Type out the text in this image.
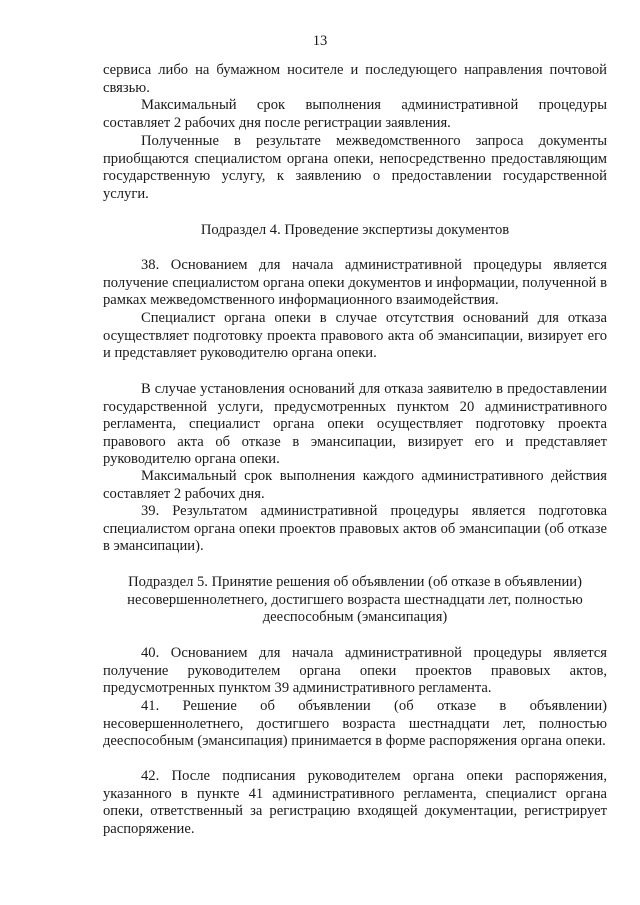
13

сервиса либо на бумажном носителе и последующего направления почтовой связью.

Максимальный срок выполнения административной процедуры составляет 2 рабочих дня после регистрации заявления.

Полученные в результате межведомственного запроса документы приобщаются специалистом органа опеки, непосредственно предоставляющим государственную услугу, к заявлению о предоставлении государственной услуги.

Подраздел 4. Проведение экспертизы документов

38. Основанием для начала административной процедуры является получение специалистом органа опеки документов и информации, полученной в рамках межведомственного информационного взаимодействия.

Специалист органа опеки в случае отсутствия оснований для отказа осуществляет подготовку проекта правового акта об эмансипации, визирует его и представляет руководителю органа опеки.

В случае установления оснований для отказа заявителю в предоставлении государственной услуги, предусмотренных пунктом 20 административного регламента, специалист органа опеки осуществляет подготовку проекта правового акта об отказе в эмансипации, визирует его и представляет руководителю органа опеки.

Максимальный срок выполнения каждого административного действия составляет 2 рабочих дня.

39. Результатом административной процедуры является подготовка специалистом органа опеки проектов правовых актов об эмансипации (об отказе в эмансипации).

Подраздел 5. Принятие решения об объявлении (об отказе в объявлении) несовершеннолетнего, достигшего возраста шестнадцати лет, полностью дееспособным (эмансипация)

40. Основанием для начала административной процедуры является получение руководителем органа опеки проектов правовых актов, предусмотренных пунктом 39 административного регламента.

41. Решение об объявлении (об отказе в объявлении) несовершеннолетнего, достигшего возраста шестнадцати лет, полностью дееспособным (эмансипация) принимается в форме распоряжения органа опеки.

42. После подписания руководителем органа опеки распоряжения, указанного в пункте 41 административного регламента, специалист органа опеки, ответственный за регистрацию входящей документации, регистрирует распоряжение.
